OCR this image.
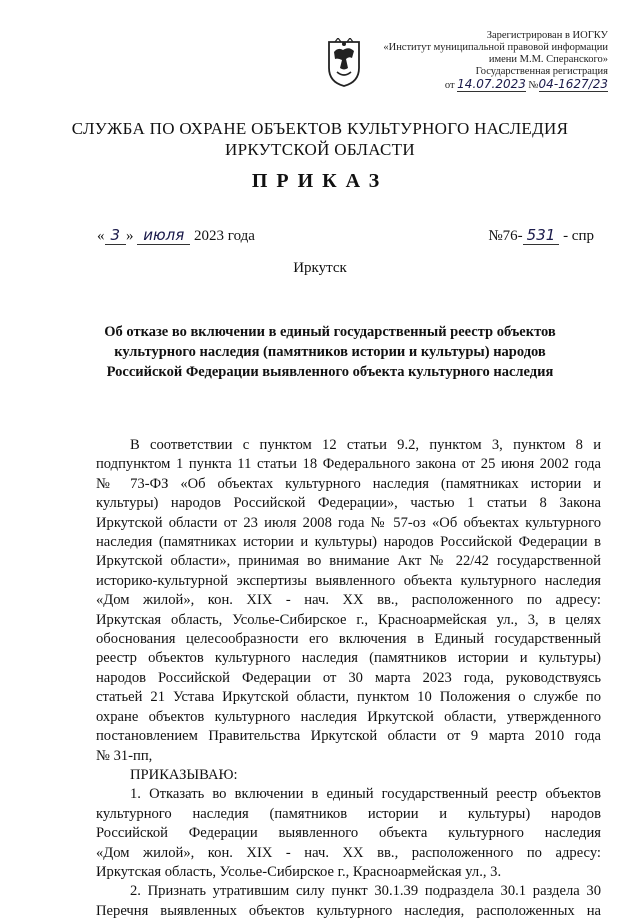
Зарегистрирован в ИОГКУ
«Институт муниципальной правовой информации
имени М.М. Сперанского»
Государственная регистрация
от 14.07.2023 №04-1627/23
СЛУЖБА ПО ОХРАНЕ ОБЪЕКТОВ КУЛЬТУРНОГО НАСЛЕДИЯ
ИРКУТСКОЙ ОБЛАСТИ
ПРИКАЗ
« 3 » июля 2023 года	№76- 531 - спр
Иркутск
Об отказе во включении в единый государственный реестр объектов
культурного наследия (памятников истории и культуры) народов
Российской Федерации выявленного объекта культурного наследия
В соответствии с пунктом 12 статьи 9.2, пунктом 3, пунктом 8 и
подпунктом 1 пункта 11 статьи 18 Федерального закона от 25 июня 2002 года
№ 73-ФЗ «Об объектах культурного наследия (памятниках истории и
культуры) народов Российской Федерации», частью 1 статьи 8 Закона
Иркутской области от 23 июля 2008 года № 57-оз «Об объектах культурного
наследия (памятниках истории и культуры) народов Российской Федерации в
Иркутской области», принимая во внимание Акт № 22/42 государственной
историко-культурной экспертизы выявленного объекта культурного наследия
«Дом жилой», кон. XIX - нач. XX вв., расположенного по адресу:
Иркутская область, Усолье-Сибирское г., Красноармейская ул., 3, в целях
обоснования целесообразности его включения в Единый государственный
реестр объектов культурного наследия (памятников истории и культуры)
народов Российской Федерации от 30 марта 2023 года, руководствуясь
статьей 21 Устава Иркутской области, пунктом 10 Положения о службе по
охране объектов культурного наследия Иркутской области, утвержденного
постановлением Правительства Иркутской области от 9 марта 2010 года
№ 31-пп,
ПРИКАЗЫВАЮ:
1. Отказать во включении в единый государственный реестр объектов
культурного наследия (памятников истории и культуры) народов
Российской Федерации выявленного объекта культурного наследия
«Дом жилой», кон. XIX - нач. XX вв., расположенного по адресу:
Иркутская область, Усолье-Сибирское г., Красноармейская ул., 3.
2. Признать утратившим силу пункт 30.1.39 подраздела 30.1 раздела 30
Перечня выявленных объектов культурного наследия, расположенных на
